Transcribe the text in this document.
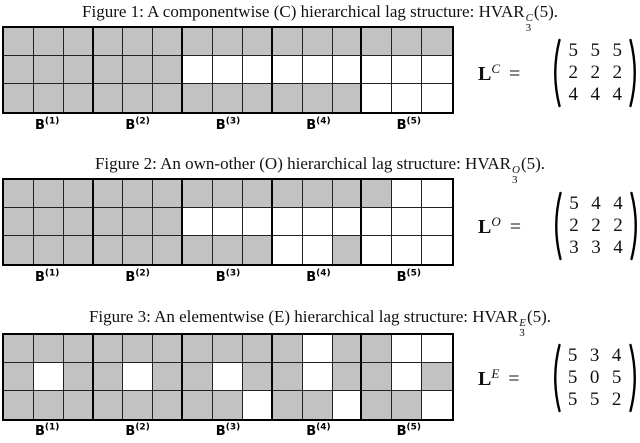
Figure 1: A componentwise (C) hierarchical lag structure: HVAR C
3
(5).
$B^{(1)}$	$B^{(2)}$	$B^{(3)}$	$B^{(4)}$	$B^{(5)}$
$L^C$ =
5 5 5
2 2 2
4 4 4
Figure 2: An own-other (O) hierarchical lag structure: HVAR O
3
(5).
$B^{(1)}$	$B^{(2)}$	$B^{(3)}$	$B^{(4)}$	$B^{(5)}$
$L^O$ =
5 4 4
2 2 2
3 3 4
Figure 3: An elementwise (E) hierarchical lag structure: HVAR E
3
(5).
$B^{(1)}$	$B^{(2)}$	$B^{(3)}$	$B^{(4)}$	$B^{(5)}$
$L^E$ =
5 3 4
5 0 5
5 5 2
